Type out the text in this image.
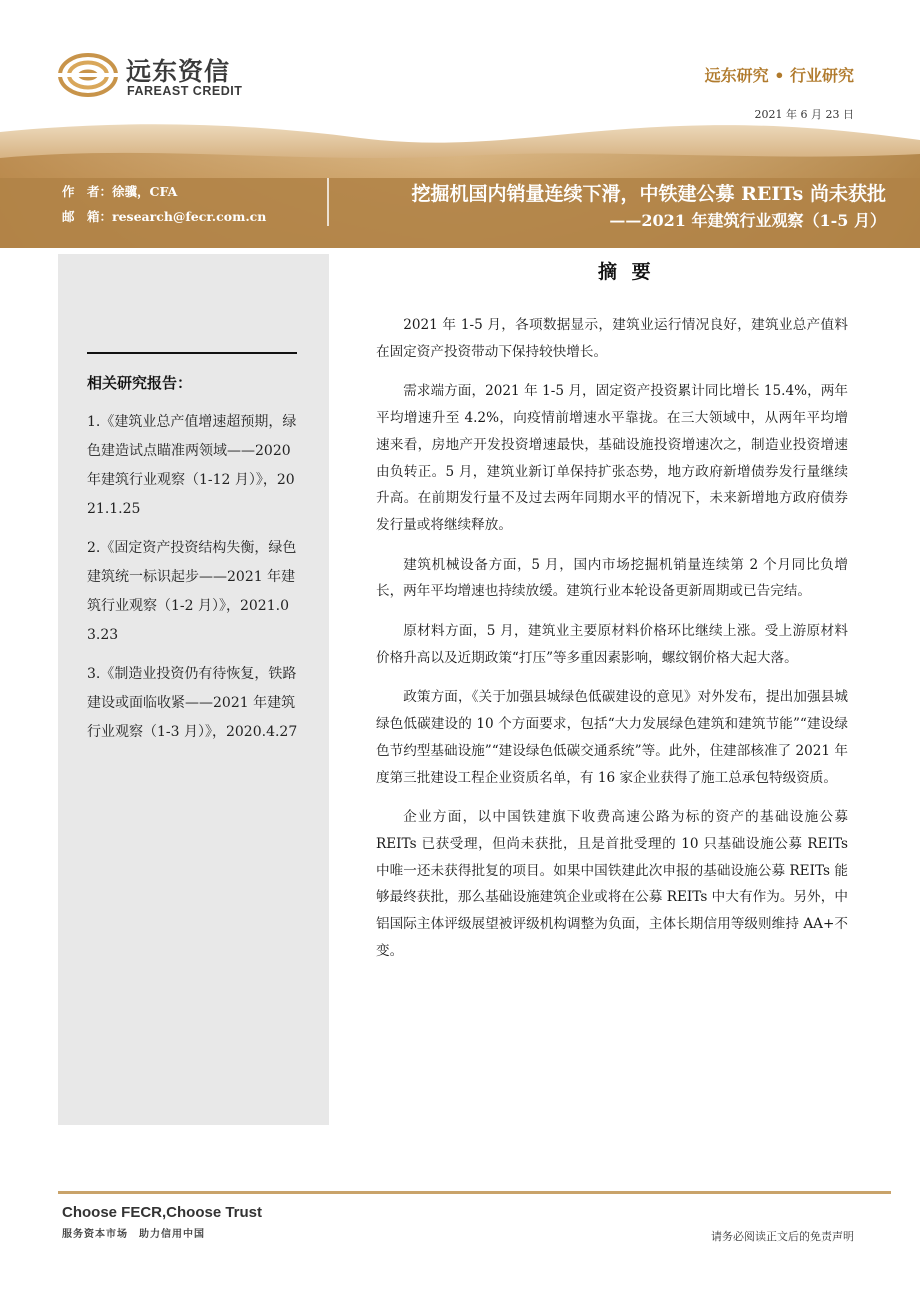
远东资信
FAREAST CREDIT
远东研究 • 行业研究
2021 年 6 月 23 日
作　者：徐骥，CFA
邮　箱：research@fecr.com.cn
挖掘机国内销量连续下滑，中铁建公募 REITs 尚未获批
——2021 年建筑行业观察（1-5 月）
相关研究报告：
1.《建筑业总产值增速超预期，绿色建造试点瞄准两领域——2020 年建筑行业观察（1-12 月）》，2021.1.25
2.《固定资产投资结构失衡，绿色建筑统一标识起步——2021 年建筑行业观察（1-2 月）》，2021.03.23
3.《制造业投资仍有待恢复，铁路建设或面临收紧——2021 年建筑行业观察（1-3 月）》，2020.4.27
摘 要

2021 年 1-5 月，各项数据显示，建筑业运行情况良好，建筑业总产值料在固定资产投资带动下保持较快增长。

需求端方面，2021 年 1-5 月，固定资产投资累计同比增长 15.4%，两年平均增速升至 4.2%，向疫情前增速水平靠拢。在三大领域中，从两年平均增速来看，房地产开发投资增速最快，基础设施投资增速次之，制造业投资增速由负转正。5 月，建筑业新订单保持扩张态势，地方政府新增债券发行量继续升高。在前期发行量不及过去两年同期水平的情况下，未来新增地方政府债券发行量或将继续释放。

建筑机械设备方面，5 月，国内市场挖掘机销量连续第 2 个月同比负增长，两年平均增速也持续放缓。建筑行业本轮设备更新周期或已告完结。

原材料方面，5 月，建筑业主要原材料价格环比继续上涨。受上游原材料价格升高以及近期政策“打压”等多重因素影响，螺纹钢价格大起大落。

政策方面，《关于加强县城绿色低碳建设的意见》对外发布，提出加强县城绿色低碳建设的 10 个方面要求，包括“大力发展绿色建筑和建筑节能”“建设绿色节约型基础设施”“建设绿色低碳交通系统”等。此外，住建部核准了 2021 年度第三批建设工程企业资质名单，有 16 家企业获得了施工总承包特级资质。

企业方面，以中国铁建旗下收费高速公路为标的资产的基础设施公募 REITs 已获受理，但尚未获批，且是首批受理的 10 只基础设施公募 REITs 中唯一还未获得批复的项目。如果中国铁建此次申报的基础设施公募 REITs 能够最终获批，那么基础设施建筑企业或将在公募 REITs 中大有作为。另外，中铝国际主体评级展望被评级机构调整为负面，主体长期信用等级则维持 AA+不变。

Choose FECR,Choose Trust
服务资本市场　助力信用中国	请务必阅读正文后的免责声明
